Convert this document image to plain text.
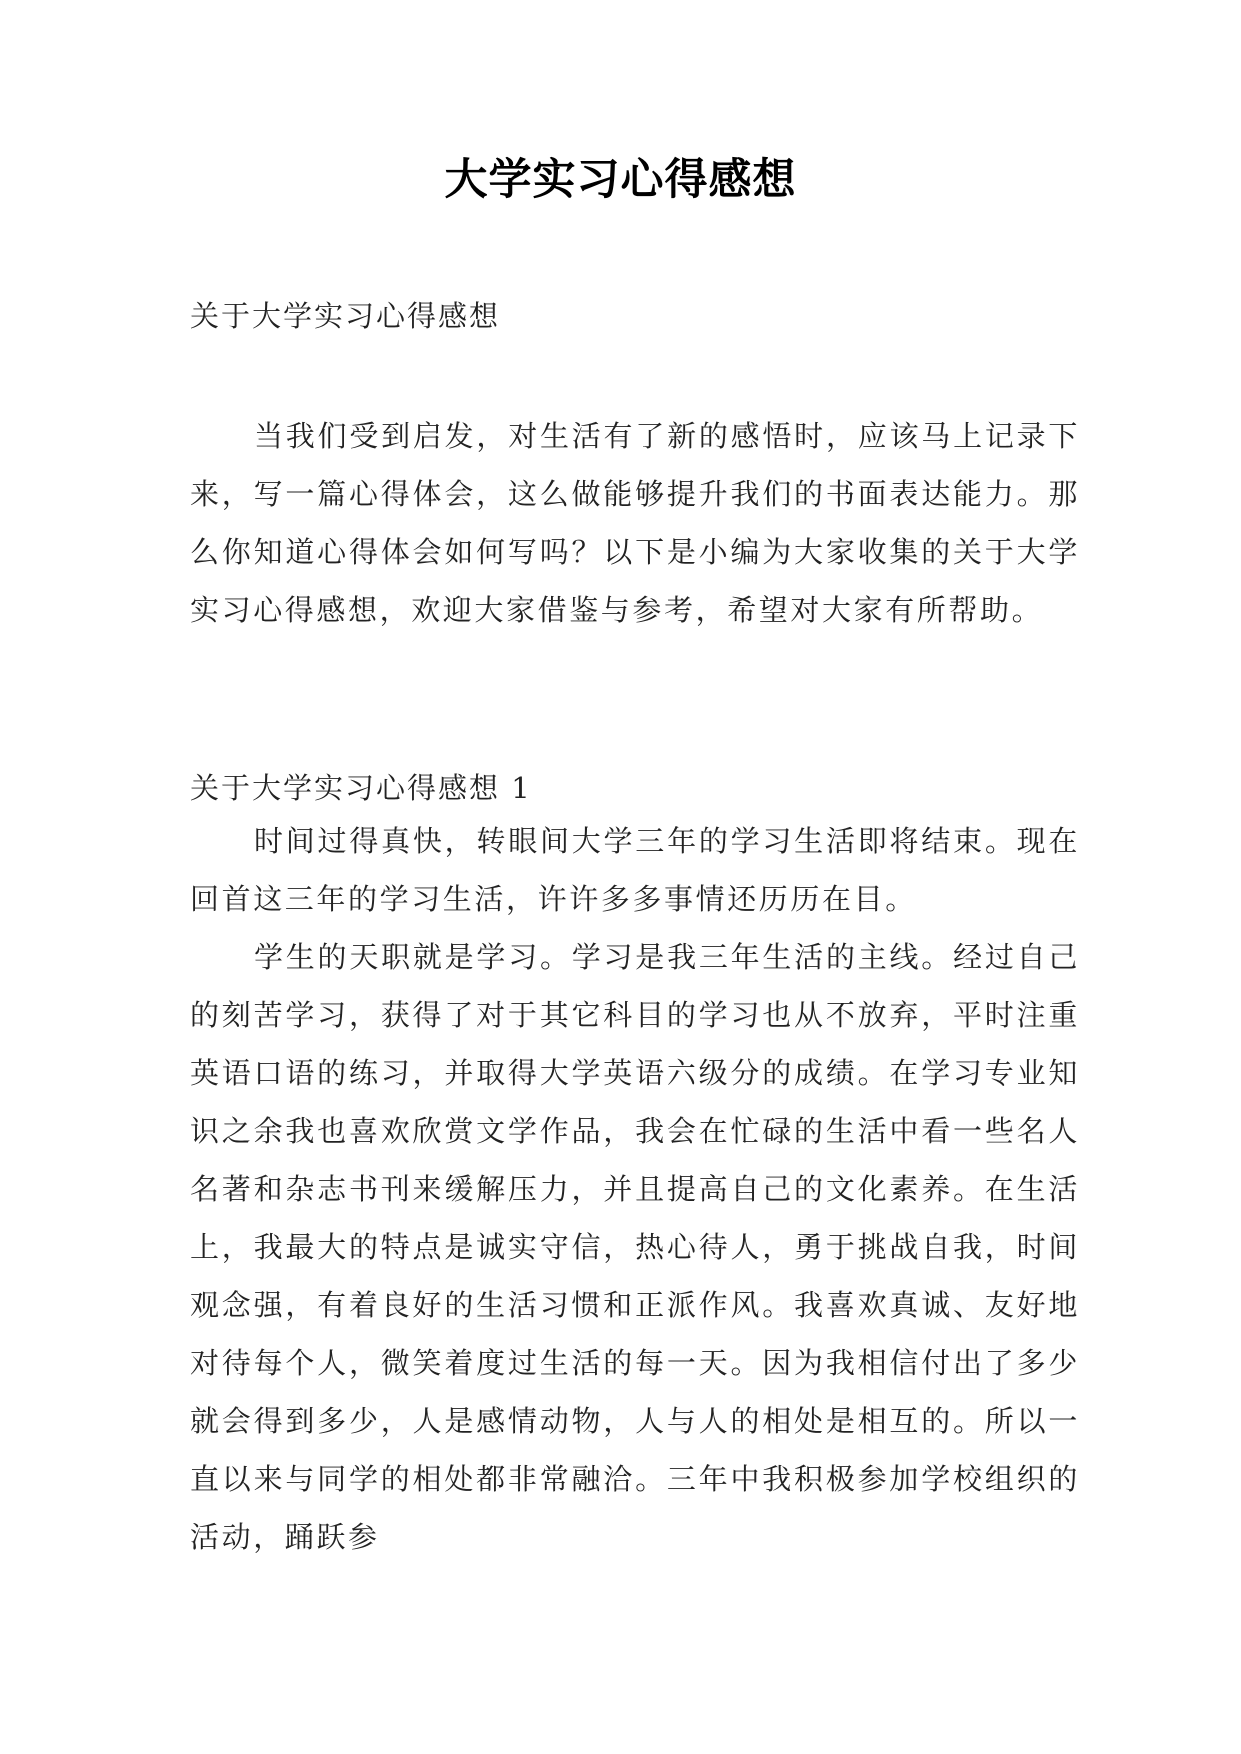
大学实习心得感想
关于大学实习心得感想

当我们受到启发，对生活有了新的感悟时，应该马上记录下来，写一篇心得体会，这么做能够提升我们的书面表达能力。那么你知道心得体会如何写吗？以下是小编为大家收集的关于大学实习心得感想，欢迎大家借鉴与参考，希望对大家有所帮助。

关于大学实习心得感想 1

时间过得真快，转眼间大学三年的学习生活即将结束。现在回首这三年的学习生活，许许多多事情还历历在目。

学生的天职就是学习。学习是我三年生活的主线。经过自己的刻苦学习，获得了对于其它科目的学习也从不放弃，平时注重英语口语的练习，并取得大学英语六级分的成绩。在学习专业知识之余我也喜欢欣赏文学作品，我会在忙碌的生活中看一些名人名著和杂志书刊来缓解压力，并且提高自己的文化素养。在生活上，我最大的特点是诚实守信，热心待人，勇于挑战自我，时间观念强，有着良好的生活习惯和正派作风。我喜欢真诚、友好地对待每个人，微笑着度过生活的每一天。因为我相信付出了多少就会得到多少，人是感情动物，人与人的相处是相互的。所以一直以来与同学的相处都非常融洽。三年中我积极参加学校组织的活动，踊跃参
